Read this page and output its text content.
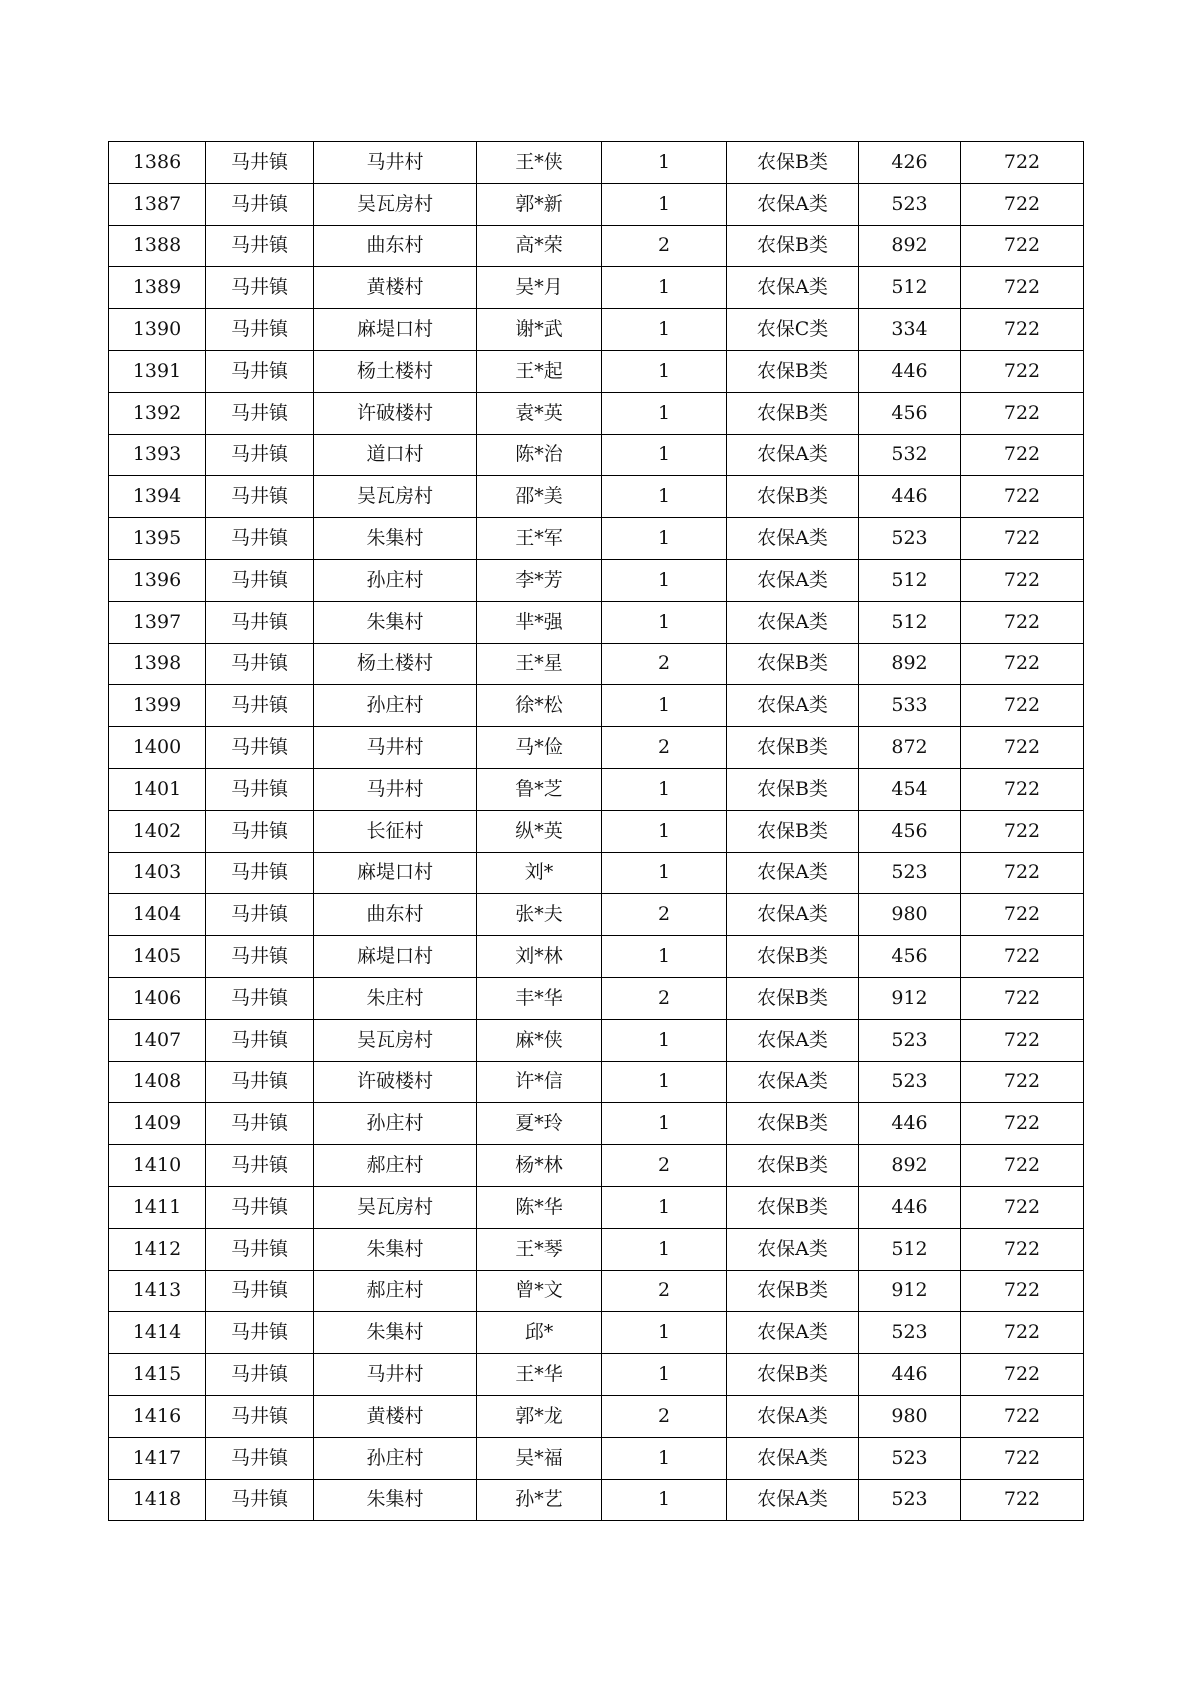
1386	马井镇	马井村	王*侠	1	农保B类	426	722
1387	马井镇	吴瓦房村	郭*新	1	农保A类	523	722
1388	马井镇	曲东村	高*荣	2	农保B类	892	722
1389	马井镇	黄楼村	吴*月	1	农保A类	512	722
1390	马井镇	麻堤口村	谢*武	1	农保C类	334	722
1391	马井镇	杨土楼村	王*起	1	农保B类	446	722
1392	马井镇	许破楼村	袁*英	1	农保B类	456	722
1393	马井镇	道口村	陈*治	1	农保A类	532	722
1394	马井镇	吴瓦房村	邵*美	1	农保B类	446	722
1395	马井镇	朱集村	王*军	1	农保A类	523	722
1396	马井镇	孙庄村	李*芳	1	农保A类	512	722
1397	马井镇	朱集村	芈*强	1	农保A类	512	722
1398	马井镇	杨土楼村	王*星	2	农保B类	892	722
1399	马井镇	孙庄村	徐*松	1	农保A类	533	722
1400	马井镇	马井村	马*俭	2	农保B类	872	722
1401	马井镇	马井村	鲁*芝	1	农保B类	454	722
1402	马井镇	长征村	纵*英	1	农保B类	456	722
1403	马井镇	麻堤口村	刘*	1	农保A类	523	722
1404	马井镇	曲东村	张*夫	2	农保A类	980	722
1405	马井镇	麻堤口村	刘*林	1	农保B类	456	722
1406	马井镇	朱庄村	丰*华	2	农保B类	912	722
1407	马井镇	吴瓦房村	麻*侠	1	农保A类	523	722
1408	马井镇	许破楼村	许*信	1	农保A类	523	722
1409	马井镇	孙庄村	夏*玲	1	农保B类	446	722
1410	马井镇	郝庄村	杨*林	2	农保B类	892	722
1411	马井镇	吴瓦房村	陈*华	1	农保B类	446	722
1412	马井镇	朱集村	王*琴	1	农保A类	512	722
1413	马井镇	郝庄村	曾*文	2	农保B类	912	722
1414	马井镇	朱集村	邱*	1	农保A类	523	722
1415	马井镇	马井村	王*华	1	农保B类	446	722
1416	马井镇	黄楼村	郭*龙	2	农保A类	980	722
1417	马井镇	孙庄村	吴*福	1	农保A类	523	722
1418	马井镇	朱集村	孙*艺	1	农保A类	523	722
